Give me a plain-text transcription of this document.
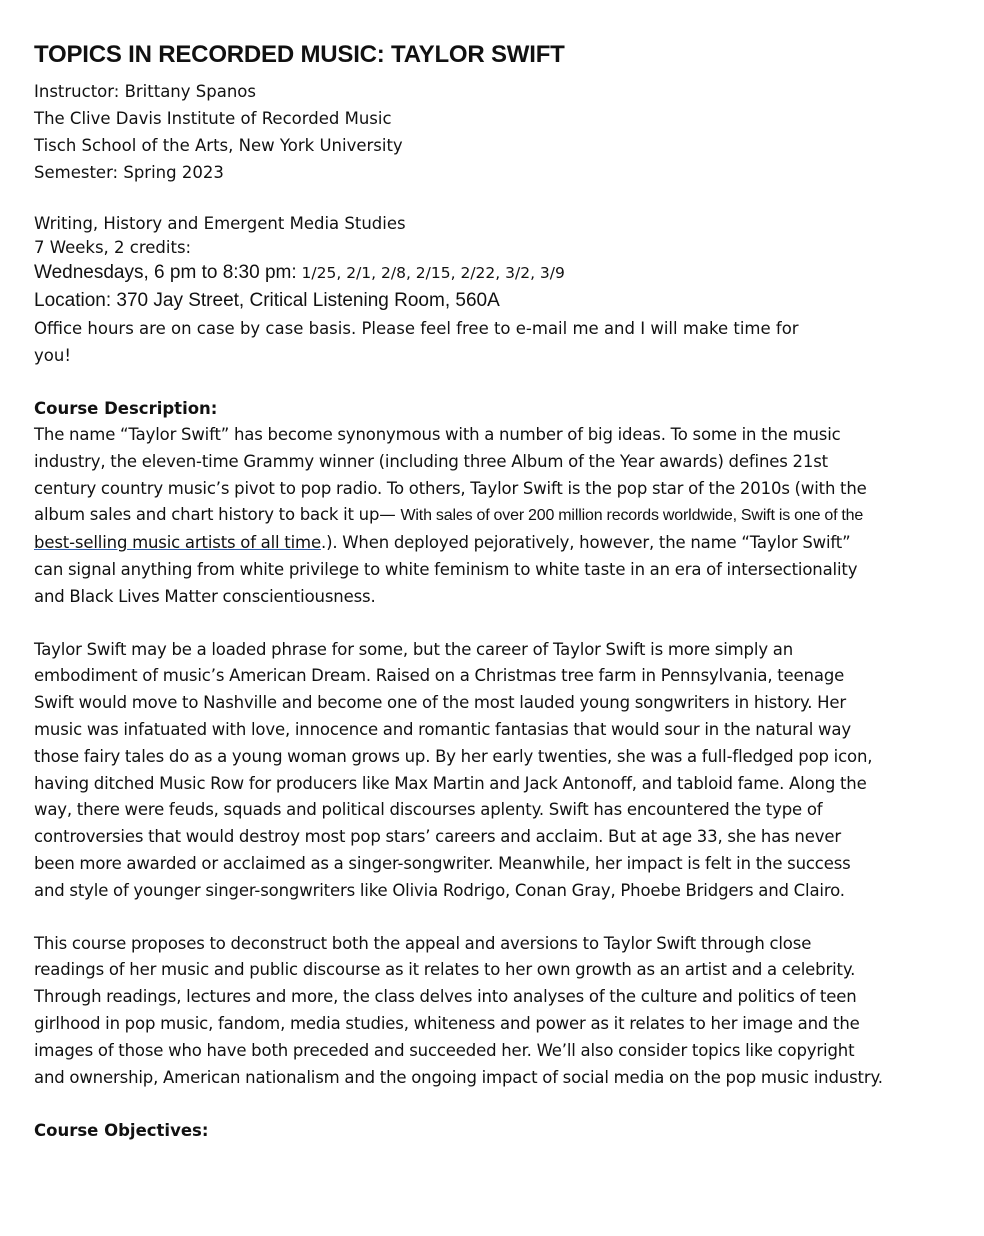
TOPICS IN RECORDED MUSIC: TAYLOR SWIFT

Instructor: Brittany Spanos

The Clive Davis Institute of Recorded Music

Tisch School of the Arts, New York University

Semester: Spring 2023

Writing, History and Emergent Media Studies

7 Weeks, 2 credits:

Wednesdays, 6 pm to 8:30 pm: 1/25, 2/1, 2/8, 2/15, 2/22, 3/2, 3/9

Location: 370 Jay Street, Critical Listening Room, 560A

Office hours are on case by case basis. Please feel free to e-mail me and I will make time for

you!

Course Description:

The name “Taylor Swift” has become synonymous with a number of big ideas. To some in the music industry, the eleven-time Grammy winner (including three Album of the Year awards) defines 21st century country music’s pivot to pop radio. To others, Taylor Swift is the pop star of the 2010s (with the album sales and chart history to back it up— With sales of over 200 million records worldwide, Swift is one of the best-selling music artists of all time.). When deployed pejoratively, however, the name “Taylor Swift” can signal anything from white privilege to white feminism to white taste in an era of intersectionality and Black Lives Matter conscientiousness.

Taylor Swift may be a loaded phrase for some, but the career of Taylor Swift is more simply an embodiment of music’s American Dream. Raised on a Christmas tree farm in Pennsylvania, teenage Swift would move to Nashville and become one of the most lauded young songwriters in history. Her music was infatuated with love, innocence and romantic fantasias that would sour in the natural way those fairy tales do as a young woman grows up. By her early twenties, she was a full-fledged pop icon, having ditched Music Row for producers like Max Martin and Jack Antonoff, and tabloid fame. Along the way, there were feuds, squads and political discourses aplenty. Swift has encountered the type of controversies that would destroy most pop stars’ careers and acclaim. But at age 33, she has never been more awarded or acclaimed as a singer-songwriter. Meanwhile, her impact is felt in the success and style of younger singer-songwriters like Olivia Rodrigo, Conan Gray, Phoebe Bridgers and Clairo.

This course proposes to deconstruct both the appeal and aversions to Taylor Swift through close readings of her music and public discourse as it relates to her own growth as an artist and a celebrity. Through readings, lectures and more, the class delves into analyses of the culture and politics of teen girlhood in pop music, fandom, media studies, whiteness and power as it relates to her image and the images of those who have both preceded and succeeded her. We’ll also consider topics like copyright and ownership, American nationalism and the ongoing impact of social media on the pop music industry.

Course Objectives:
